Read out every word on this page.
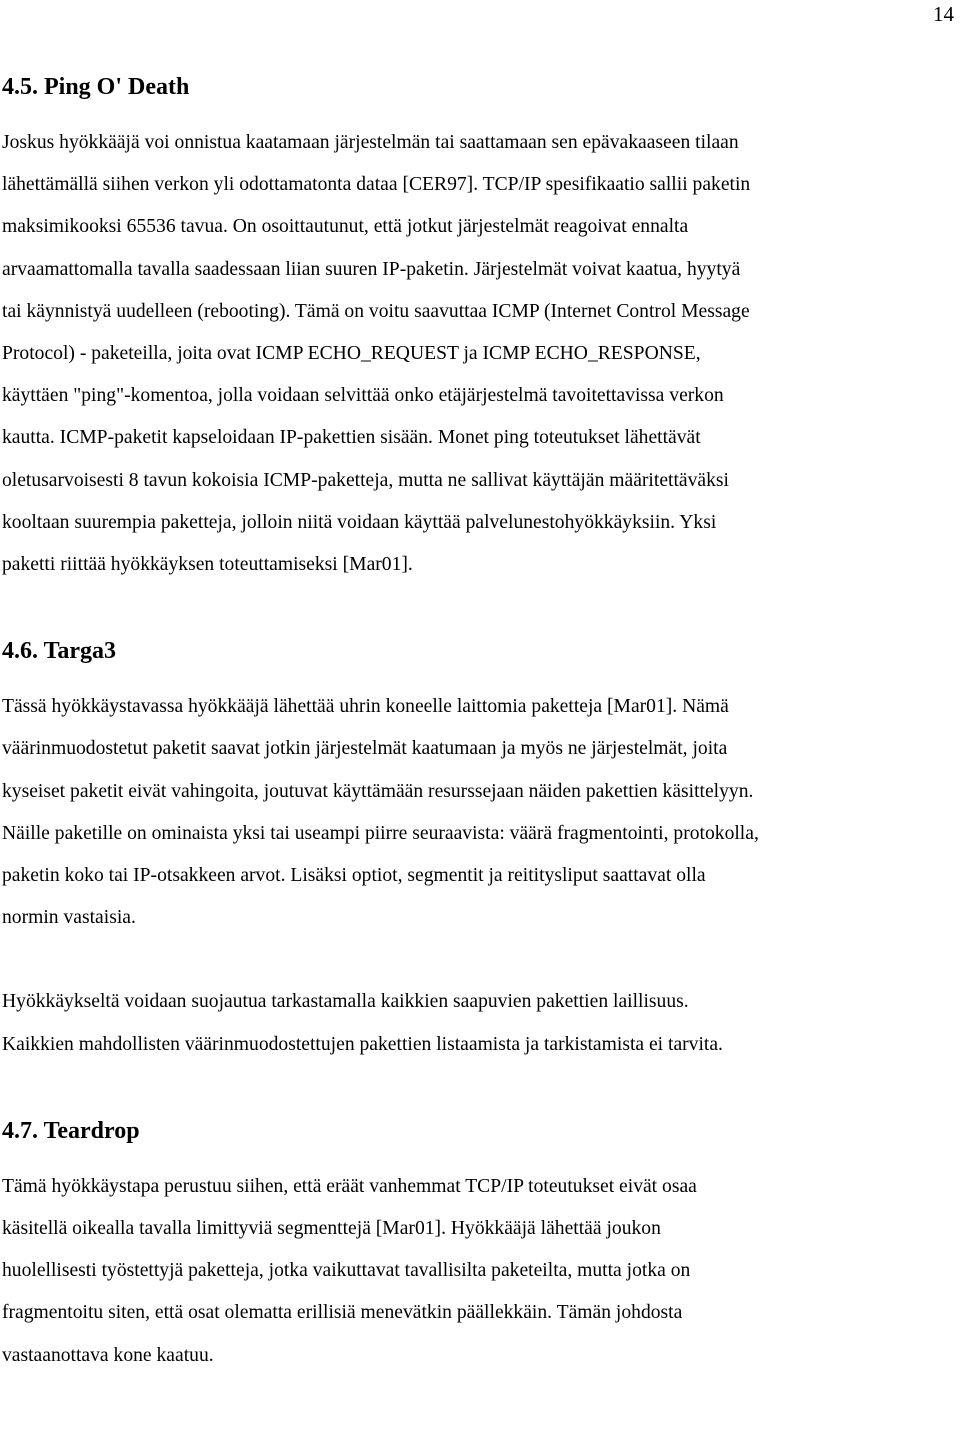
14
4.5. Ping O' Death

Joskus hyökkääjä voi onnistua kaatamaan järjestelmän tai saattamaan sen epävakaaseen tilaan
lähettämällä siihen verkon yli odottamatonta dataa [CER97]. TCP/IP spesifikaatio sallii paketin
maksimikooksi 65536 tavua. On osoittautunut, että jotkut järjestelmät reagoivat ennalta
arvaamattomalla tavalla saadessaan liian suuren IP-paketin. Järjestelmät voivat kaatua, hyytyä
tai käynnistyä uudelleen (rebooting). Tämä on voitu saavuttaa ICMP (Internet Control Message
Protocol) - paketeilla, joita ovat ICMP ECHO_REQUEST ja ICMP ECHO_RESPONSE,
käyttäen "ping"-komentoa, jolla voidaan selvittää onko etäjärjestelmä tavoitettavissa verkon
kautta. ICMP-paketit kapseloidaan IP-pakettien sisään. Monet ping toteutukset lähettävät
oletusarvoisesti 8 tavun kokoisia ICMP-paketteja, mutta ne sallivat käyttäjän määritettäväksi
kooltaan suurempia paketteja, jolloin niitä voidaan käyttää palvelunestohyökkäyksiin. Yksi
paketti riittää hyökkäyksen toteuttamiseksi [Mar01].

4.6. Targa3

Tässä hyökkäystavassa hyökkääjä lähettää uhrin koneelle laittomia paketteja [Mar01]. Nämä
väärinmuodostetut paketit saavat jotkin järjestelmät kaatumaan ja myös ne järjestelmät, joita
kyseiset paketit eivät vahingoita, joutuvat käyttämään resurssejaan näiden pakettien käsittelyyn.
Näille paketille on ominaista yksi tai useampi piirre seuraavista: väärä fragmentointi, protokolla,
paketin koko tai IP-otsakkeen arvot. Lisäksi optiot, segmentit ja reititysliput saattavat olla
normin vastaisia.

Hyökkäykseltä voidaan suojautua tarkastamalla kaikkien saapuvien pakettien laillisuus.
Kaikkien mahdollisten väärinmuodostettujen pakettien listaamista ja tarkistamista ei tarvita.

4.7. Teardrop

Tämä hyökkäystapa perustuu siihen, että eräät vanhemmat TCP/IP toteutukset eivät osaa
käsitellä oikealla tavalla limittyviä segmenttejä [Mar01]. Hyökkääjä lähettää joukon
huolellisesti työstettyjä paketteja, jotka vaikuttavat tavallisilta paketeilta, mutta jotka on
fragmentoitu siten, että osat olematta erillisiä menevätkin päällekkäin. Tämän johdosta
vastaanottava kone kaatuu.
